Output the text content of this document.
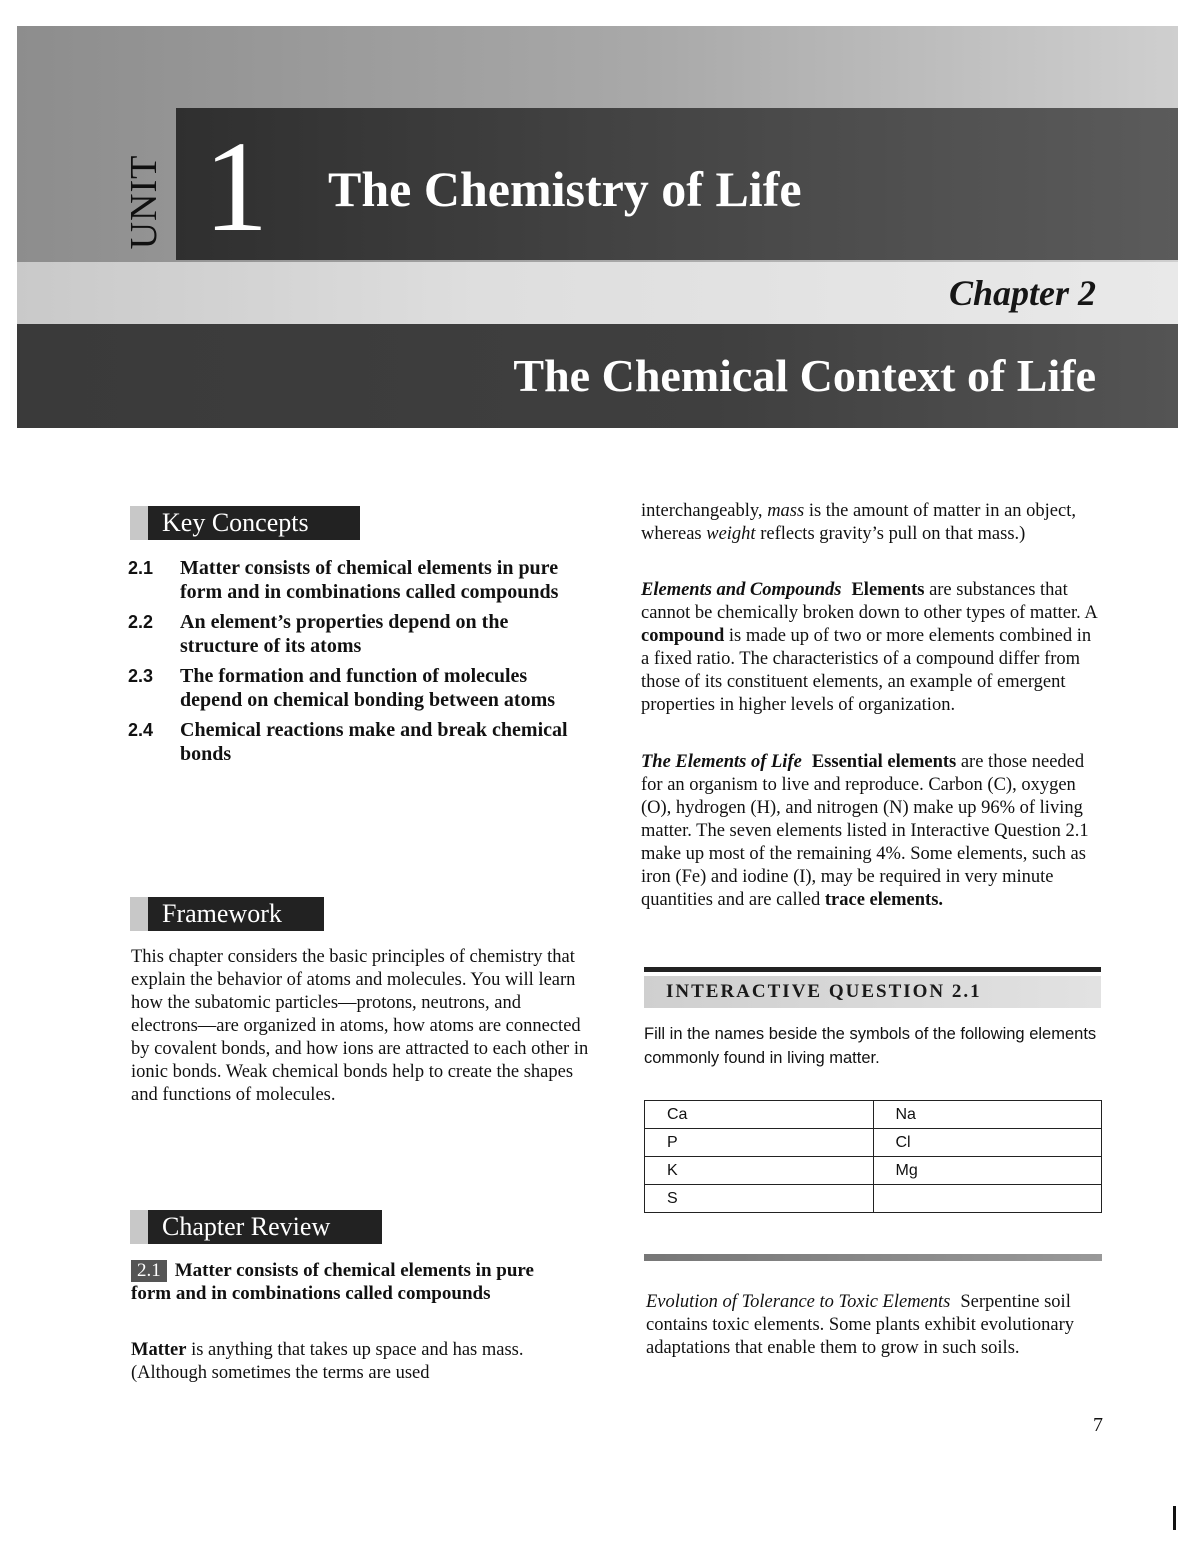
UNIT 1 The Chemistry of Life
Chapter 2
The Chemical Context of Life
Key Concepts
2.1	Matter consists of chemical elements in pure form and in combinations called compounds
2.2	An element’s properties depend on the structure of its atoms
2.3	The formation and function of molecules depend on chemical bonding between atoms
2.4	Chemical reactions make and break chemical bonds
Framework
This chapter considers the basic principles of chemistry that explain the behavior of atoms and molecules. You will learn how the subatomic particles—protons, neutrons, and electrons—are organized in atoms, how atoms are connected by covalent bonds, and how ions are attracted to each other in ionic bonds. Weak chemical bonds help to create the shapes and functions of molecules.
Chapter Review
2.1 Matter consists of chemical elements in pure form and in combinations called compounds

Matter is anything that takes up space and has mass. (Although sometimes the terms are used

interchangeably, mass is the amount of matter in an object, whereas weight reflects gravity’s pull on that mass.)

Elements and Compounds Elements are substances that cannot be chemically broken down to other types of matter. A compound is made up of two or more elements combined in a fixed ratio. The characteristics of a compound differ from those of its constituent elements, an example of emergent properties in higher levels of organization.

The Elements of Life Essential elements are those needed for an organism to live and reproduce. Carbon (C), oxygen (O), hydrogen (H), and nitrogen (N) make up 96% of living matter. The seven elements listed in Interactive Question 2.1 make up most of the remaining 4%. Some elements, such as iron (Fe) and iodine (I), may be required in very minute quantities and are called trace elements.

INTERACTIVE QUESTION 2.1
Fill in the names beside the symbols of the following elements commonly found in living matter.
Ca	Na
P	Cl
K	Mg
S	

Evolution of Tolerance to Toxic Elements Serpentine soil contains toxic elements. Some plants exhibit evolutionary adaptations that enable them to grow in such soils.

7
